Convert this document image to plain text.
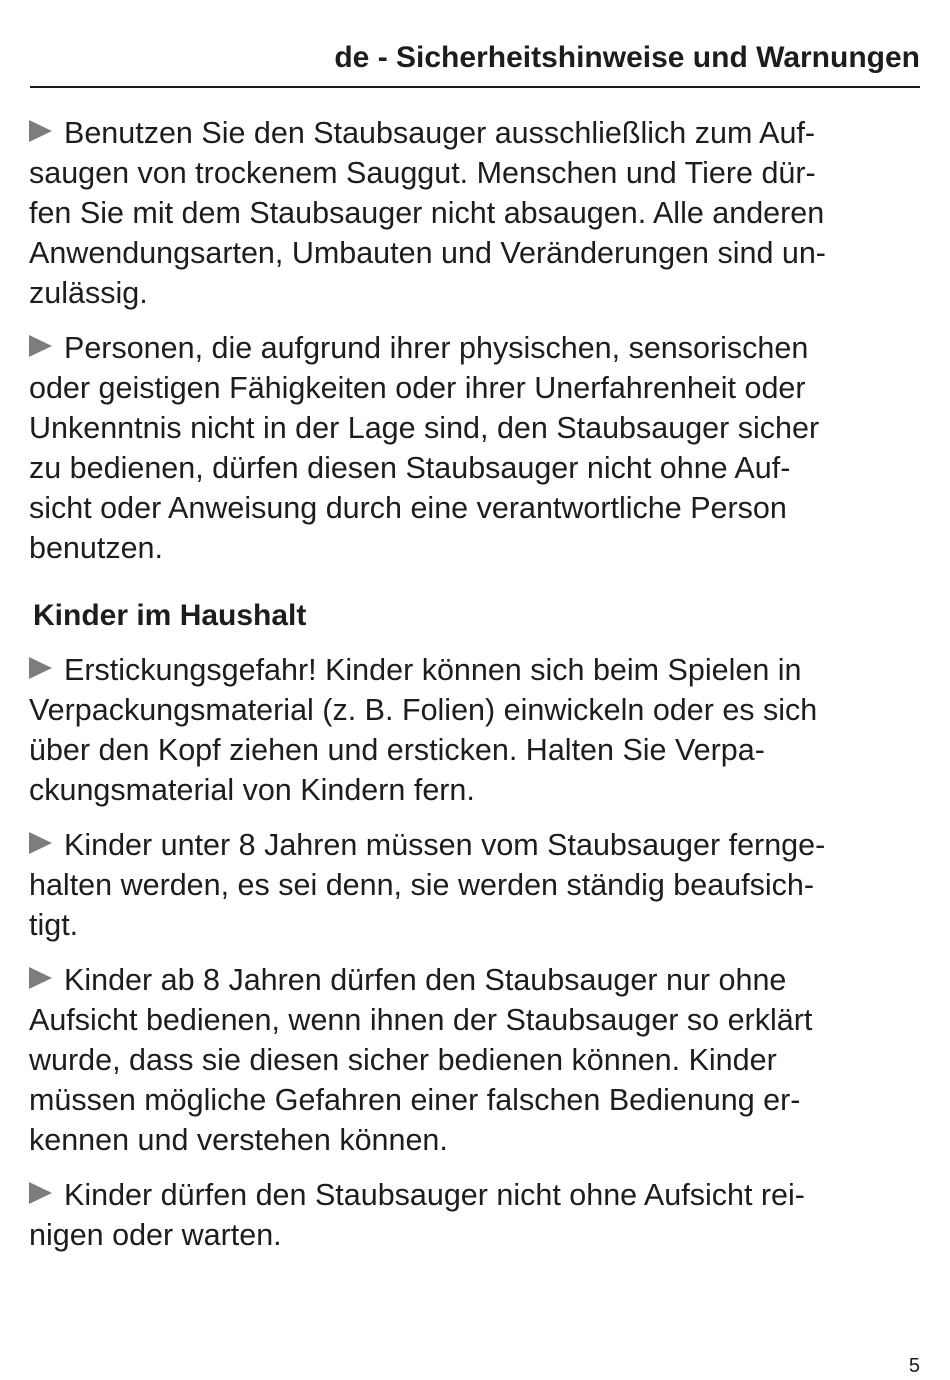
de - Sicherheitshinweise und Warnungen
Benutzen Sie den Staubsauger ausschließlich zum Auf-
saugen von trockenem Sauggut. Menschen und Tiere dür-
fen Sie mit dem Staubsauger nicht absaugen. Alle anderen
Anwendungsarten, Umbauten und Veränderungen sind un-
zulässig.
Personen, die aufgrund ihrer physischen, sensorischen
oder geistigen Fähigkeiten oder ihrer Unerfahrenheit oder
Unkenntnis nicht in der Lage sind, den Staubsauger sicher
zu bedienen, dürfen diesen Staubsauger nicht ohne Auf-
sicht oder Anweisung durch eine verantwortliche Person
benutzen.
Kinder im Haushalt
Erstickungsgefahr! Kinder können sich beim Spielen in
Verpackungsmaterial (z. B. Folien) einwickeln oder es sich
über den Kopf ziehen und ersticken. Halten Sie Verpa-
ckungsmaterial von Kindern fern.
Kinder unter 8 Jahren müssen vom Staubsauger fernge-
halten werden, es sei denn, sie werden ständig beaufsich-
tigt.
Kinder ab 8 Jahren dürfen den Staubsauger nur ohne
Aufsicht bedienen, wenn ihnen der Staubsauger so erklärt
wurde, dass sie diesen sicher bedienen können. Kinder
müssen mögliche Gefahren einer falschen Bedienung er-
kennen und verstehen können.
Kinder dürfen den Staubsauger nicht ohne Aufsicht rei-
nigen oder warten.
5
